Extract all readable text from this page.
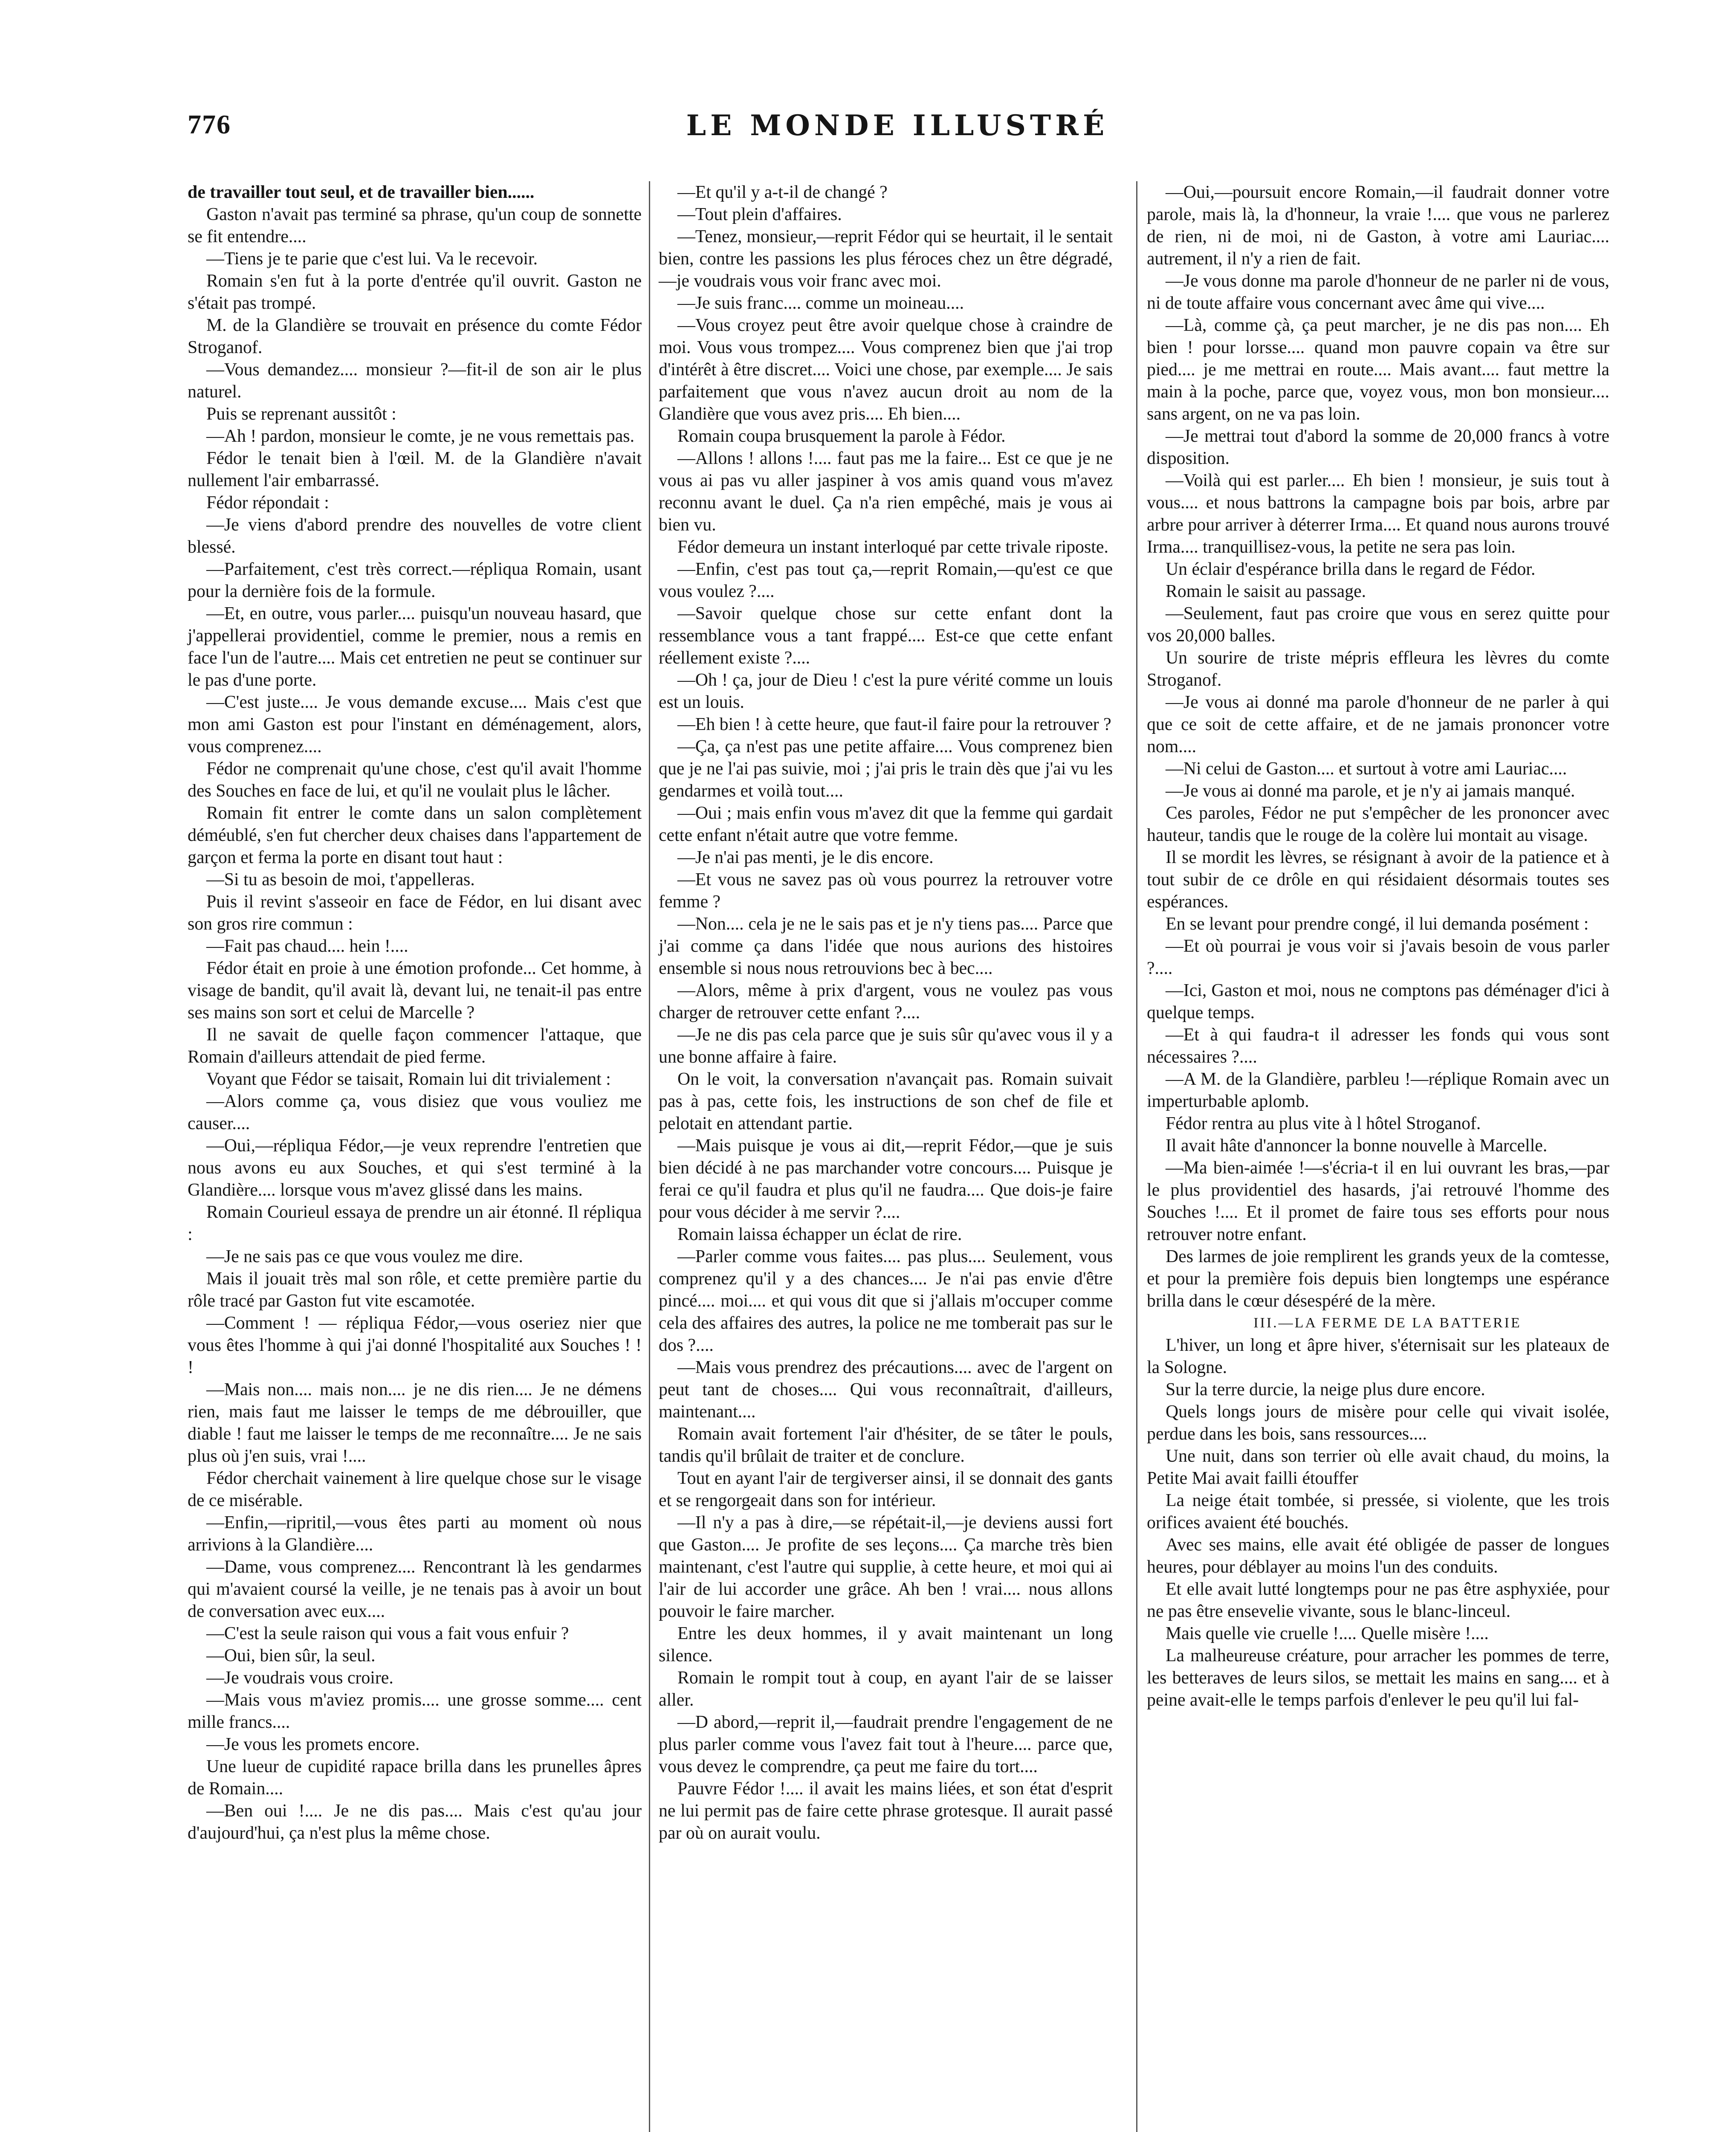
776	LE MONDE ILLUSTRÉ

de travailler tout seul, et de travailler bien......

Gaston n'avait pas terminé sa phrase, qu'un coup de sonnette se fit entendre....

—Tiens je te parie que c'est lui. Va le recevoir.

Romain s'en fut à la porte d'entrée qu'il ouvrit. Gaston ne s'était pas trompé.

M. de la Glandière se trouvait en présence du comte Fédor Stroganof.

—Vous demandez.... monsieur ?—fit-il de son air le plus naturel.

Puis se reprenant aussitôt :

—Ah ! pardon, monsieur le comte, je ne vous remettais pas.

Fédor le tenait bien à l'œil. M. de la Glandière n'avait nullement l'air embarrassé.

Fédor répondait :

—Je viens d'abord prendre des nouvelles de votre client blessé.

—Parfaitement, c'est très correct.—répliqua Romain, usant pour la dernière fois de la formule.

—Et, en outre, vous parler.... puisqu'un nouveau hasard, que j'appellerai providentiel, comme le premier, nous a remis en face l'un de l'autre.... Mais cet entretien ne peut se continuer sur le pas d'une porte.

—C'est juste.... Je vous demande excuse.... Mais c'est que mon ami Gaston est pour l'instant en déménagement, alors, vous comprenez....

Fédor ne comprenait qu'une chose, c'est qu'il avait l'homme des Souches en face de lui, et qu'il ne voulait plus le lâcher.

Romain fit entrer le comte dans un salon complètement déméublé, s'en fut chercher deux chaises dans l'appartement de garçon et ferma la porte en disant tout haut :

—Si tu as besoin de moi, t'appelleras.

Puis il revint s'asseoir en face de Fédor, en lui disant avec son gros rire commun :

—Fait pas chaud.... hein !....

Fédor était en proie à une émotion profonde... Cet homme, à visage de bandit, qu'il avait là, devant lui, ne tenait-il pas entre ses mains son sort et celui de Marcelle ?

Il ne savait de quelle façon commencer l'attaque, que Romain d'ailleurs attendait de pied ferme.

Voyant que Fédor se taisait, Romain lui dit trivialement :

—Alors comme ça, vous disiez que vous vouliez me causer....

—Oui,—répliqua Fédor,—je veux reprendre l'entretien que nous avons eu aux Souches, et qui s'est terminé à la Glandière.... lorsque vous m'avez glissé dans les mains.

Romain Courieul essaya de prendre un air étonné. Il répliqua :

—Je ne sais pas ce que vous voulez me dire.

Mais il jouait très mal son rôle, et cette première partie du rôle tracé par Gaston fut vite escamotée.

—Comment ! — répliqua Fédor,—vous oseriez nier que vous êtes l'homme à qui j'ai donné l'hospitalité aux Souches ! ! !

—Mais non.... mais non.... je ne dis rien.... Je ne démens rien, mais faut me laisser le temps de me débrouiller, que diable ! faut me laisser le temps de me reconnaître.... Je ne sais plus où j'en suis, vrai !....

Fédor cherchait vainement à lire quelque chose sur le visage de ce misérable.

—Enfin,—ripritil,—vous êtes parti au moment où nous arrivions à la Glandière....

—Dame, vous comprenez.... Rencontrant là les gendarmes qui m'avaient coursé la veille, je ne tenais pas à avoir un bout de conversation avec eux....

—C'est la seule raison qui vous a fait vous enfuir ?

—Oui, bien sûr, la seul.

—Je voudrais vous croire.

—Mais vous m'aviez promis.... une grosse somme.... cent mille francs....

—Je vous les promets encore.

Une lueur de cupidité rapace brilla dans les prunelles âpres de Romain....

—Ben oui !.... Je ne dis pas.... Mais c'est qu'au jour d'aujourd'hui, ça n'est plus la même chose.

—Et qu'il y a-t-il de changé ?

—Tout plein d'affaires.

—Tenez, monsieur,—reprit Fédor qui se heurtait, il le sentait bien, contre les passions les plus féroces chez un être dégradé,—je voudrais vous voir franc avec moi.

—Je suis franc.... comme un moineau....

—Vous croyez peut être avoir quelque chose à craindre de moi. Vous vous trompez.... Vous comprenez bien que j'ai trop d'intérêt à être discret.... Voici une chose, par exemple.... Je sais parfaitement que vous n'avez aucun droit au nom de la Glandière que vous avez pris.... Eh bien....

Romain coupa brusquement la parole à Fédor.

—Allons ! allons !.... faut pas me la faire... Est ce que je ne vous ai pas vu aller jaspiner à vos amis quand vous m'avez reconnu avant le duel. Ça n'a rien empêché, mais je vous ai bien vu.

Fédor demeura un instant interloqué par cette trivale riposte.

—Enfin, c'est pas tout ça,—reprit Romain,—qu'est ce que vous voulez ?....

—Savoir quelque chose sur cette enfant dont la ressemblance vous a tant frappé.... Est-ce que cette enfant réellement existe ?....

—Oh ! ça, jour de Dieu ! c'est la pure vérité comme un louis est un louis.

—Eh bien ! à cette heure, que faut-il faire pour la retrouver ?

—Ça, ça n'est pas une petite affaire.... Vous comprenez bien que je ne l'ai pas suivie, moi ; j'ai pris le train dès que j'ai vu les gendarmes et voilà tout....

—Oui ; mais enfin vous m'avez dit que la femme qui gardait cette enfant n'était autre que votre femme.

—Je n'ai pas menti, je le dis encore.

—Et vous ne savez pas où vous pourrez la retrouver votre femme ?

—Non.... cela je ne le sais pas et je n'y tiens pas.... Parce que j'ai comme ça dans l'idée que nous aurions des histoires ensemble si nous nous retrouvions bec à bec....

—Alors, même à prix d'argent, vous ne voulez pas vous charger de retrouver cette enfant ?....

—Je ne dis pas cela parce que je suis sûr qu'avec vous il y a une bonne affaire à faire.

On le voit, la conversation n'avançait pas. Romain suivait pas à pas, cette fois, les instructions de son chef de file et pelotait en attendant partie.

—Mais puisque je vous ai dit,—reprit Fédor,—que je suis bien décidé à ne pas marchander votre concours.... Puisque je ferai ce qu'il faudra et plus qu'il ne faudra.... Que dois-je faire pour vous décider à me servir ?....

Romain laissa échapper un éclat de rire.

—Parler comme vous faites.... pas plus.... Seulement, vous comprenez qu'il y a des chances.... Je n'ai pas envie d'être pincé.... moi.... et qui vous dit que si j'allais m'occuper comme cela des affaires des autres, la police ne me tomberait pas sur le dos ?....

—Mais vous prendrez des précautions.... avec de l'argent on peut tant de choses.... Qui vous reconnaîtrait, d'ailleurs, maintenant....

Romain avait fortement l'air d'hésiter, de se tâter le pouls, tandis qu'il brûlait de traiter et de conclure.

Tout en ayant l'air de tergiverser ainsi, il se donnait des gants et se rengorgeait dans son for intérieur.

—Il n'y a pas à dire,—se répétait-il,—je deviens aussi fort que Gaston.... Je profite de ses leçons.... Ça marche très bien maintenant, c'est l'autre qui supplie, à cette heure, et moi qui ai l'air de lui accorder une grâce. Ah ben ! vrai.... nous allons pouvoir le faire marcher.

Entre les deux hommes, il y avait maintenant un long silence.

Romain le rompit tout à coup, en ayant l'air de se laisser aller.

—D abord,—reprit il,—faudrait prendre l'engagement de ne plus parler comme vous l'avez fait tout à l'heure.... parce que, vous devez le comprendre, ça peut me faire du tort....

Pauvre Fédor !.... il avait les mains liées, et son état d'esprit ne lui permit pas de faire cette phrase grotesque. Il aurait passé par où on aurait voulu.

—Oui,—poursuit encore Romain,—il faudrait donner votre parole, mais là, la d'honneur, la vraie !.... que vous ne parlerez de rien, ni de moi, ni de Gaston, à votre ami Lauriac.... autrement, il n'y a rien de fait.

—Je vous donne ma parole d'honneur de ne parler ni de vous, ni de toute affaire vous concernant avec âme qui vive....

—Là, comme çà, ça peut marcher, je ne dis pas non.... Eh bien ! pour lorsse.... quand mon pauvre copain va être sur pied.... je me mettrai en route.... Mais avant.... faut mettre la main à la poche, parce que, voyez vous, mon bon monsieur.... sans argent, on ne va pas loin.

—Je mettrai tout d'abord la somme de 20,000 francs à votre disposition.

—Voilà qui est parler.... Eh bien ! monsieur, je suis tout à vous.... et nous battrons la campagne bois par bois, arbre par arbre pour arriver à déterrer Irma.... Et quand nous aurons trouvé Irma.... tranquillisez-vous, la petite ne sera pas loin.

Un éclair d'espérance brilla dans le regard de Fédor.

Romain le saisit au passage.

—Seulement, faut pas croire que vous en serez quitte pour vos 20,000 balles.

Un sourire de triste mépris effleura les lèvres du comte Stroganof.

—Je vous ai donné ma parole d'honneur de ne parler à qui que ce soit de cette affaire, et de ne jamais prononcer votre nom....

—Ni celui de Gaston.... et surtout à votre ami Lauriac....

—Je vous ai donné ma parole, et je n'y ai jamais manqué.

Ces paroles, Fédor ne put s'empêcher de les prononcer avec hauteur, tandis que le rouge de la colère lui montait au visage.

Il se mordit les lèvres, se résignant à avoir de la patience et à tout subir de ce drôle en qui résidaient désormais toutes ses espérances.

En se levant pour prendre congé, il lui demanda posément :

—Et où pourrai je vous voir si j'avais besoin de vous parler ?....

—Ici, Gaston et moi, nous ne comptons pas déménager d'ici à quelque temps.

—Et à qui faudra-t il adresser les fonds qui vous sont nécessaires ?....

—A M. de la Glandière, parbleu !—réplique Romain avec un imperturbable aplomb.

Fédor rentra au plus vite à l hôtel Stroganof.

Il avait hâte d'annoncer la bonne nouvelle à Marcelle.

—Ma bien-aimée !—s'écria-t il en lui ouvrant les bras,—par le plus providentiel des hasards, j'ai retrouvé l'homme des Souches !.... Et il promet de faire tous ses efforts pour nous retrouver notre enfant.

Des larmes de joie remplirent les grands yeux de la comtesse, et pour la première fois depuis bien longtemps une espérance brilla dans le cœur désespéré de la mère.

III.—LA FERME DE LA BATTERIE

L'hiver, un long et âpre hiver, s'éternisait sur les plateaux de la Sologne.

Sur la terre durcie, la neige plus dure encore.

Quels longs jours de misère pour celle qui vivait isolée, perdue dans les bois, sans ressources....

Une nuit, dans son terrier où elle avait chaud, du moins, la Petite Mai avait failli étouffer

La neige était tombée, si pressée, si violente, que les trois orifices avaient été bouchés.

Avec ses mains, elle avait été obligée de passer de longues heures, pour déblayer au moins l'un des conduits.

Et elle avait lutté longtemps pour ne pas être asphyxiée, pour ne pas être ensevelie vivante, sous le blanc-linceul.

Mais quelle vie cruelle !.... Quelle misère !....

La malheureuse créature, pour arracher les pommes de terre, les betteraves de leurs silos, se mettait les mains en sang.... et à peine avait-elle le temps parfois d'enlever le peu qu'il lui fal-
